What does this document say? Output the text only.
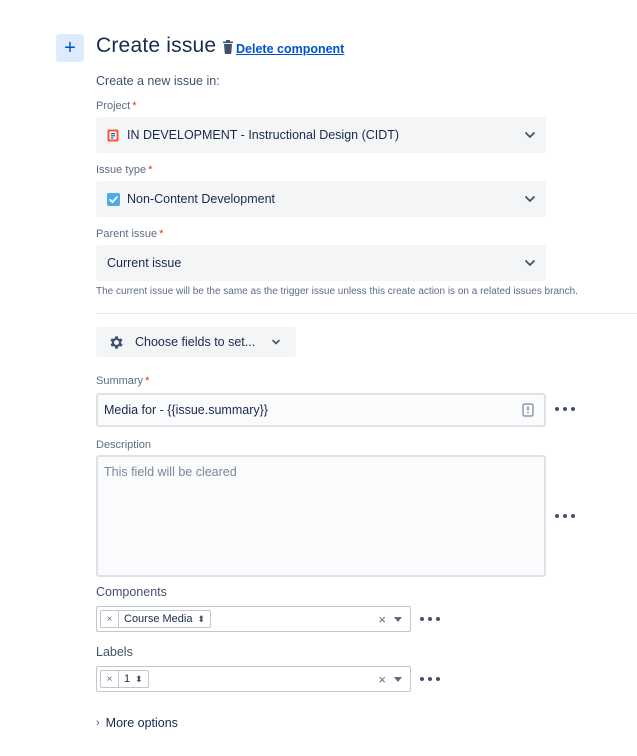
+ Create issue Delete component
Create a new issue in:
Project *
IN DEVELOPMENT - Instructional Design (CIDT)
Issue type *
Non-Content Development
Parent issue *
Current issue
The current issue will be the same as the trigger issue unless this create action is on a related issues branch.
Choose fields to set...
Summary *
Media for - {{issue.summary}}
Description
This field will be cleared
Components
×	Course Media ⬍	×
Labels
×	1 ⬍	×
› More options
